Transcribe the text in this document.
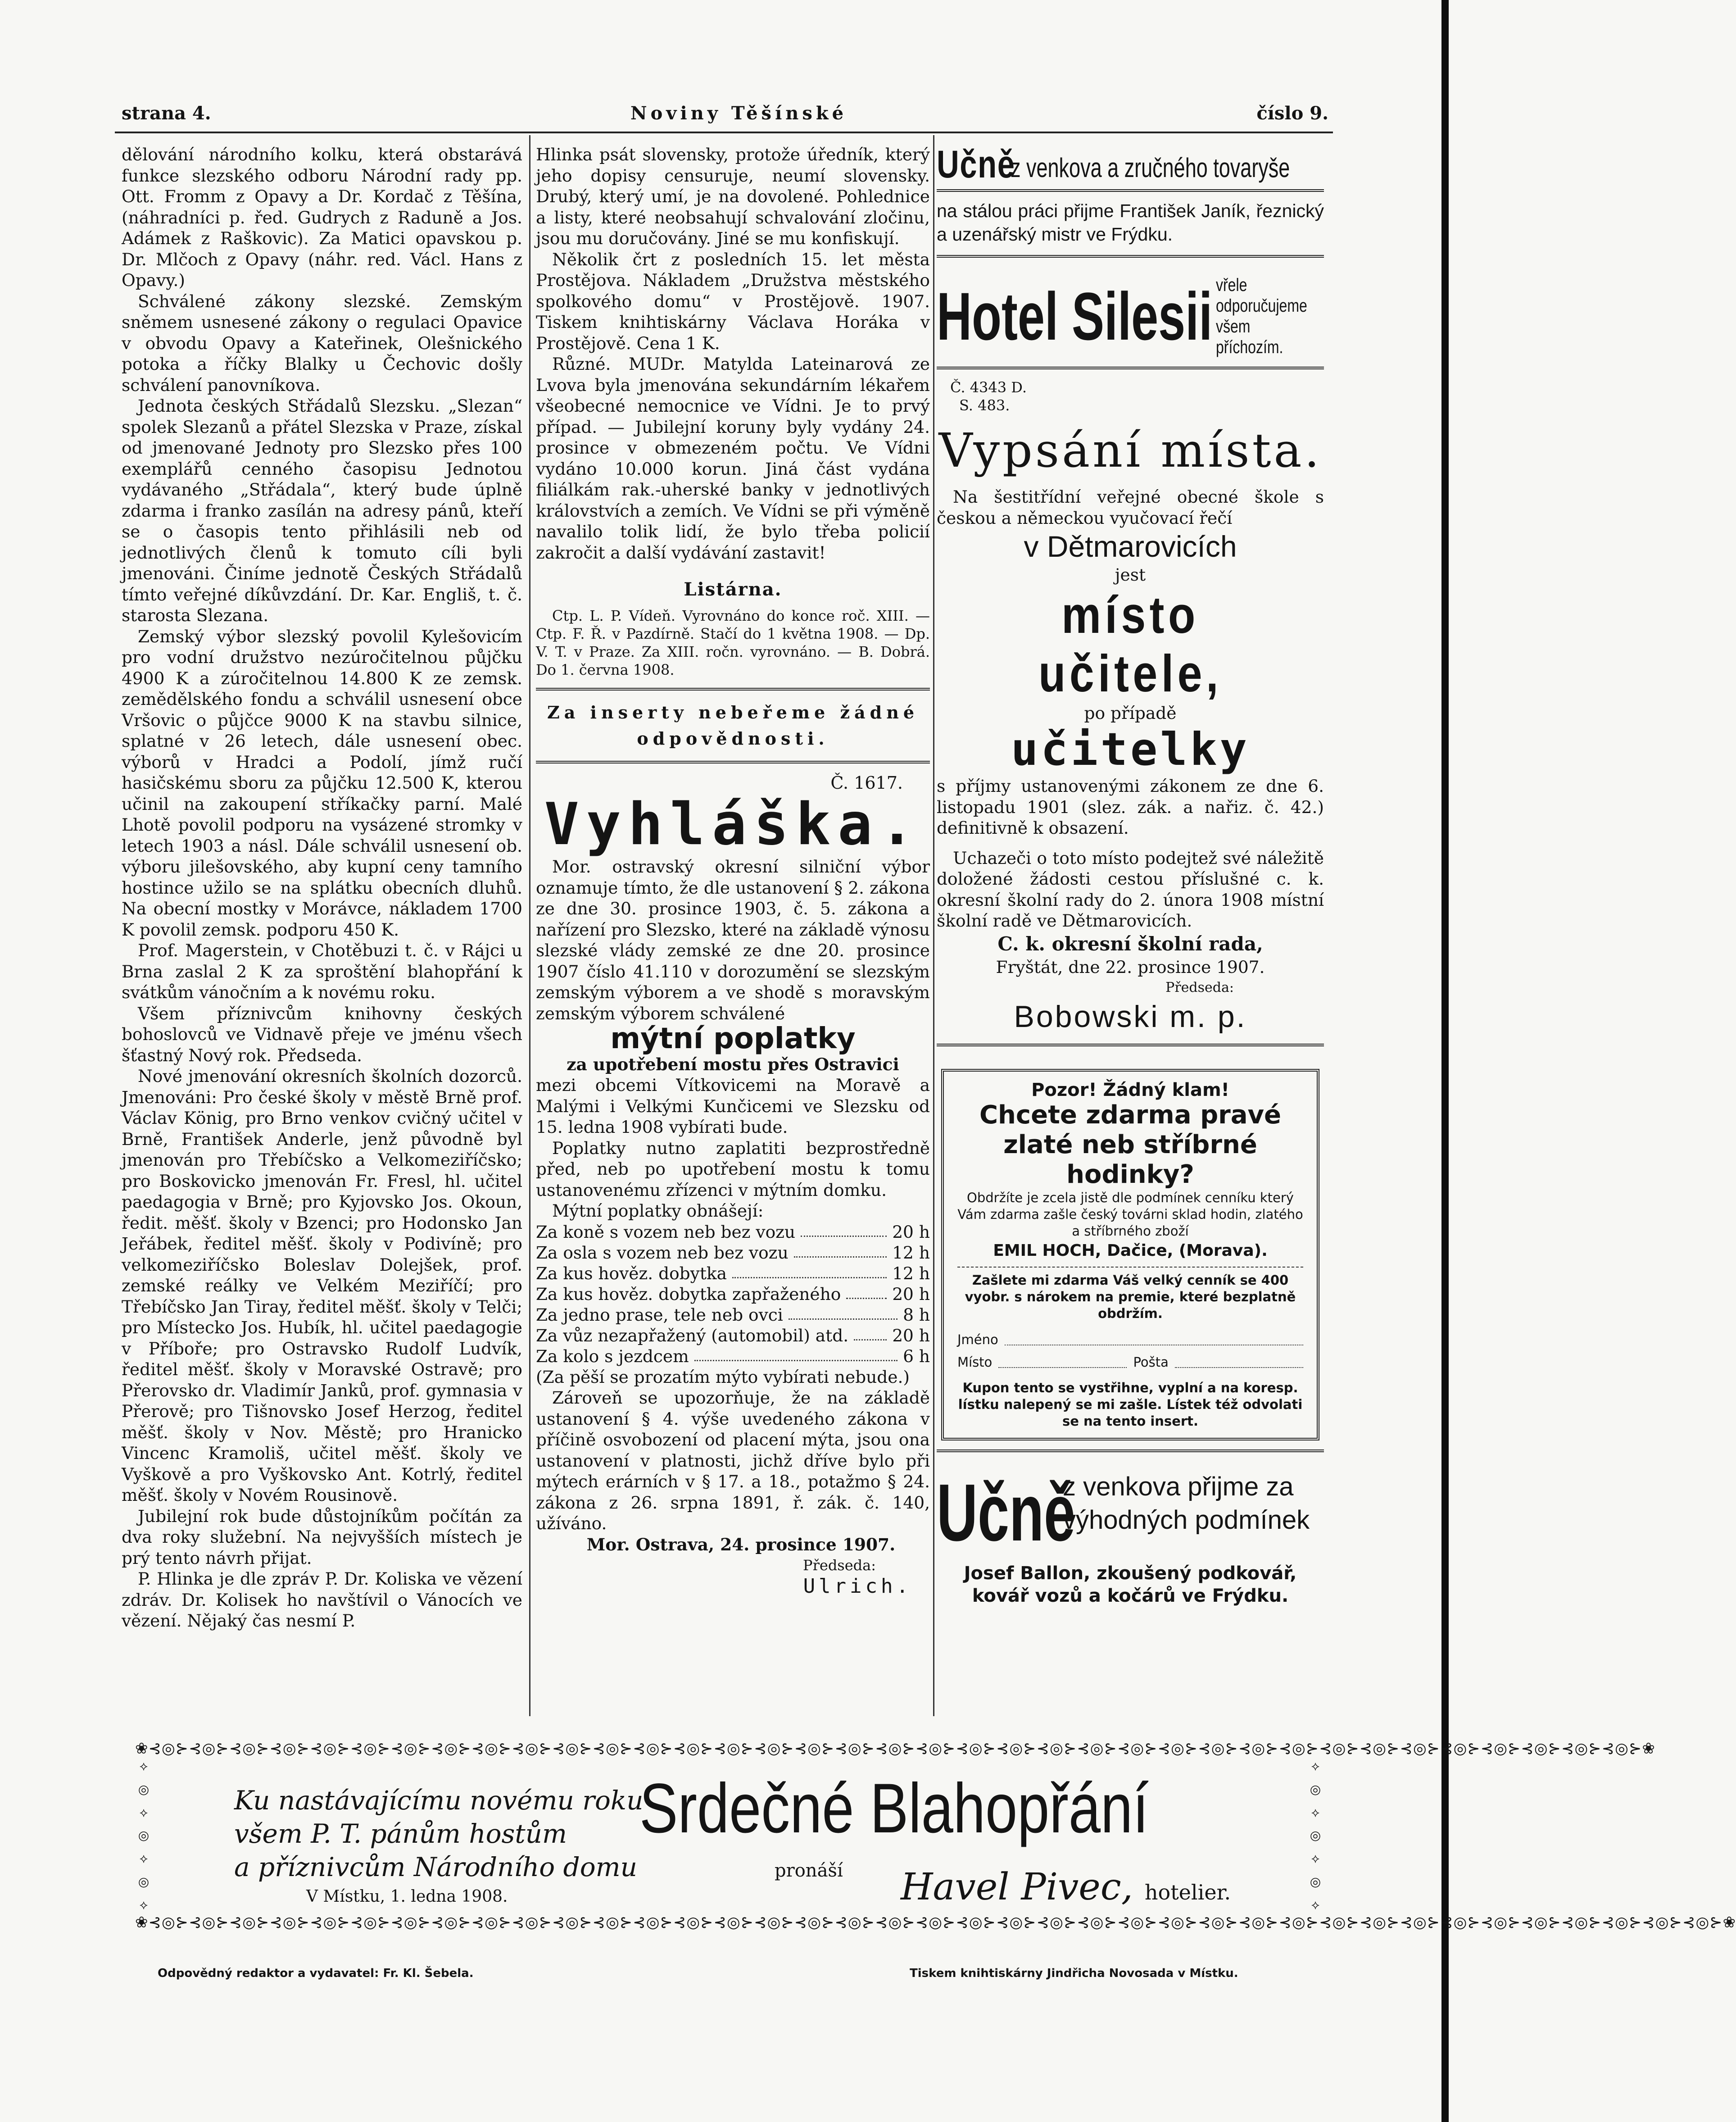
strana 4.	Noviny Těšínské	číslo 9.

dělování národního kolku, která obstarává funkce slezského odboru Národní rady pp. Ott. Fromm z Opavy a Dr. Kordač z Těšína, (náhradníci p. řed. Gudrych z Raduně a Jos. Adámek z Raškovic). Za Matici opavskou p. Dr. Mlčoch z Opavy (náhr. red. Václ. Hans z Opavy.)

Schválené zákony slezské. Zemským sněmem usnesené zákony o regulaci Opavice v obvodu Opavy a Kateřinek, Olešnického potoka a říčky Blalky u Čechovic došly schválení panovníkova.

Jednota českých Střádalů Slezsku. „Slezan“ spolek Slezanů a přátel Slezska v Praze, získal od jmenované Jednoty pro Slezsko přes 100 exemplářů cenného časopisu Jednotou vydávaného „Střádala“, který bude úplně zdarma i franko zasílán na adresy pánů, kteří se o časopis tento přihlásili neb od jednotlivých členů k tomuto cíli byli jmenováni. Činíme jednotě Českých Střádalů tímto veřejné díkůvzdání. Dr. Kar. Engliš, t. č. starosta Slezana.

Zemský výbor slezský povolil Kylešovicím pro vodní družstvo nezúročitelnou půjčku 4900 K a zúročitelnou 14.800 K ze zemsk. zemědělského fondu a schválil usnesení obce Vršovic o půjčce 9000 K na stavbu silnice, splatné v 26 letech, dále usnesení obec. výborů v Hradci a Podolí, jímž ručí hasičskému sboru za půjčku 12.500 K, kterou učinil na zakoupení stříkačky parní. Malé Lhotě povolil podporu na vysázené stromky v letech 1903 a násl. Dále schválil usnesení ob. výboru jilešovského, aby kupní ceny tamního hostince užilo se na splátku obecních dluhů. Na obecní mostky v Morávce, nákladem 1700 K povolil zemsk. podporu 450 K.

Prof. Magerstein, v Chotěbuzi t. č. v Rájci u Brna zaslal 2 K za sproštění blahopřání k svátkům vánočním a k novému roku.

Všem příznivcům knihovny českých bohoslovců ve Vidnavě přeje ve jménu všech šťastný Nový rok. Předseda.

Nové jmenování okresních školních dozorců. Jmenováni: Pro české školy v městě Brně prof. Václav König, pro Brno venkov cvičný učitel v Brně, František Anderle, jenž původně byl jmenován pro Třebíčsko a Velkomeziříčsko; pro Boskovicko jmenován Fr. Fresl, hl. učitel paedagogia v Brně; pro Kyjovsko Jos. Okoun, ředit. měšť. školy v Bzenci; pro Hodonsko Jan Jeřábek, ředitel měšť. školy v Podivíně; pro velkomeziříčsko Boleslav Dolejšek, prof. zemské reálky ve Velkém Meziříčí; pro Třebíčsko Jan Tiray, ředitel měšť. školy v Telči; pro Místecko Jos. Hubík, hl. učitel paedagogie v Příboře; pro Ostravsko Rudolf Ludvík, ředitel měšť. školy v Moravské Ostravě; pro Přerovsko dr. Vladimír Janků, prof. gymnasia v Přerově; pro Tišnovsko Josef Herzog, ředitel měšť. školy v Nov. Městě; pro Hranicko Vincenc Kramoliš, učitel měšť. školy ve Vyškově a pro Vyškovsko Ant. Kotrlý, ředitel měšť. školy v Novém Rousinově.

Jubilejní rok bude důstojníkům počítán za dva roky služební. Na nejvyšších místech je prý tento návrh přijat.

P. Hlinka je dle zpráv P. Dr. Koliska ve vězení zdráv. Dr. Kolisek ho navštívil o Vánocích ve vězení. Nějaký čas nesmí P.

Hlinka psát slovensky, protože úředník, který jeho dopisy censuruje, neumí slovensky. Drubý, který umí, je na dovolené. Pohlednice a listy, které neobsahují schvalování zločinu, jsou mu doručovány. Jiné se mu konfiskují.

Několik črt z posledních 15. let města Prostějova. Nákladem „Družstva městského spolkového domu“ v Prostějově. 1907. Tiskem knihtiskárny Václava Horáka v Prostějově. Cena 1 K.

Různé. MUDr. Matylda Lateinarová ze Lvova byla jmenována sekundárním lékařem všeobecné nemocnice ve Vídni. Je to prvý případ. — Jubilejní koruny byly vydány 24. prosince v obmezeném počtu. Ve Vídni vydáno 10.000 korun. Jiná část vydána filiálkám rak.-uherské banky v jednotlivých královstvích a zemích. Ve Vídni se při výměně navalilo tolik lidí, že bylo třeba policií zakročit a další vydávání zastavit!

Listárna.

Ctp. L. P. Vídeň. Vyrovnáno do konce roč. XIII. — Ctp. F. Ř. v Pazdírně. Stačí do 1 května 1908. — Dp. V. T. v Praze. Za XIII. ročn. vyrovnáno. — B. Dobrá. Do 1. června 1908.

Za inserty nebeřeme žádné odpovědnosti.
Č. 1617.
Vyhláška.

Mor. ostravský okresní silniční výbor oznamuje tímto, že dle ustanovení § 2. zákona ze dne 30. prosince 1903, č. 5. zákona a nařízení pro Slezsko, které na základě výnosu slezské vlády zemské ze dne 20. prosince 1907 číslo 41.110 v dorozumění se slezským zemským výborem a ve shodě s moravským zemským výborem schválené

mýtní poplatky
za upotřebení mostu přes Ostravici

mezi obcemi Vítkovicemi na Moravě a Malými i Velkými Kunčicemi ve Slezsku od 15. ledna 1908 vybírati bude.

Poplatky nutno zaplatiti bezprostředně před, neb po upotřebení mostu k tomu ustanovenému zřízenci v mýtním domku.

Mýtní poplatky obnášejí:

Za koně s vozem neb bez vozu	20 h
Za osla s vozem neb bez vozu	12 h
Za kus hověz. dobytka	12 h
Za kus hověz. dobytka zapřaženého	20 h
Za jedno prase, tele neb ovci	8 h
Za vůz nezapřažený (automobil) atd.	20 h
Za kolo s jezdcem	6 h

(Za pěší se prozatím mýto vybírati nebude.)

Zároveň se upozorňuje, že na základě ustanovení § 4. výše uvedeného zákona v příčině osvobození od placení mýta, jsou ona ustanovení v platnosti, jichž dříve bylo při mýtech erárních v § 17. a 18., potažmo § 24. zákona z 26. srpna 1891, ř. zák. č. 140, užíváno.

Mor. Ostrava, 24. prosince 1907.

Předseda:
Ulrich.
Učně
z venkova a zručného tovaryše
na stálou práci přijme František Janík, řeznický a uzenářský mistr ve Frýdku.
Hotel Silesii vřele odporučujeme všem příchozím.
Č. 4343 D.
S. 483.
Vypsání místa.

Na šestitřídní veřejné obecné škole s českou a německou vyučovací řečí

v Dětmarovicích
jest
místo učitele,
po případě
učitelky

s příjmy ustanovenými zákonem ze dne 6. listopadu 1901 (slez. zák. a nařiz. č. 42.) definitivně k obsazení.

Uchazeči o toto místo podejtež své náležitě doložené žádosti cestou příslušné c. k. okresní školní rady do 2. února 1908 místní školní radě ve Dětmarovicích.

C. k. okresní školní rada,
Fryštát, dne 22. prosince 1907.
Předseda:
Bobowski m. p.
Pozor! Žádný klam!
Chcete zdarma pravé zlaté neb stříbrné hodinky?
Obdržíte je zcela jistě dle podmínek cenníku který Vám zdarma zašle český továrni sklad hodin, zlatého a stříbrného zboží
EMIL HOCH, Dačice, (Morava).
Zašlete mi zdarma Váš velký cenník se 400 vyobr. s nárokem na premie, které bezplatně obdržím.
Jméno
Místo	Pošta
Kupon tento se vystřihne, vyplní a na koresp. lístku nalepený se mi zašle. Lístek též odvolati se na tento insert.
Učně
z venkova přijme za
výhodných podmínek
Josef Ballon, zkoušený podkovář, kovář vozů a kočárů ve Frýdku.
❀ ⊰◎⊱⊰◎⊱⊰◎⊱⊰◎⊱⊰◎⊱⊰◎⊱⊰◎⊱⊰◎⊱⊰◎⊱⊰◎⊱⊰◎⊱⊰◎⊱⊰◎⊱⊰◎⊱⊰◎⊱⊰◎⊱⊰◎⊱⊰◎⊱⊰◎⊱⊰◎⊱⊰◎⊱⊰◎⊱⊰◎⊱⊰◎⊱⊰◎⊱⊰◎⊱⊰◎⊱⊰◎⊱⊰◎⊱⊰◎⊱⊰◎⊱⊰◎⊱⊰◎⊱⊰◎⊱⊰◎⊱⊰◎⊱⊰◎⊱ ❀
❀ ⊰◎⊱⊰◎⊱⊰◎⊱⊰◎⊱⊰◎⊱⊰◎⊱⊰◎⊱⊰◎⊱⊰◎⊱⊰◎⊱⊰◎⊱⊰◎⊱⊰◎⊱⊰◎⊱⊰◎⊱⊰◎⊱⊰◎⊱⊰◎⊱⊰◎⊱⊰◎⊱⊰◎⊱⊰◎⊱⊰◎⊱⊰◎⊱⊰◎⊱⊰◎⊱⊰◎⊱⊰◎⊱⊰◎⊱⊰◎⊱⊰◎⊱⊰◎⊱⊰◎⊱⊰◎⊱⊰◎⊱⊰◎⊱⊰◎⊱⊰◎⊱⊰◎⊱ ❀
⟡
◎
⟡
◎
⟡
◎
⟡
⟡
◎
⟡
◎
⟡
◎
⟡
Ku nastávajícímu novému roku
všem P. T. pánům hostům
a příznivcům Národního domu
Srdečné Blahopřání
pronáší
V Místku, 1. ledna 1908.	Havel Pivec, hotelier.
Odpovědný redaktor a vydavatel: Fr. Kl. Šebela.	Tiskem knihtiskárny Jindřicha Novosada v Místku.
